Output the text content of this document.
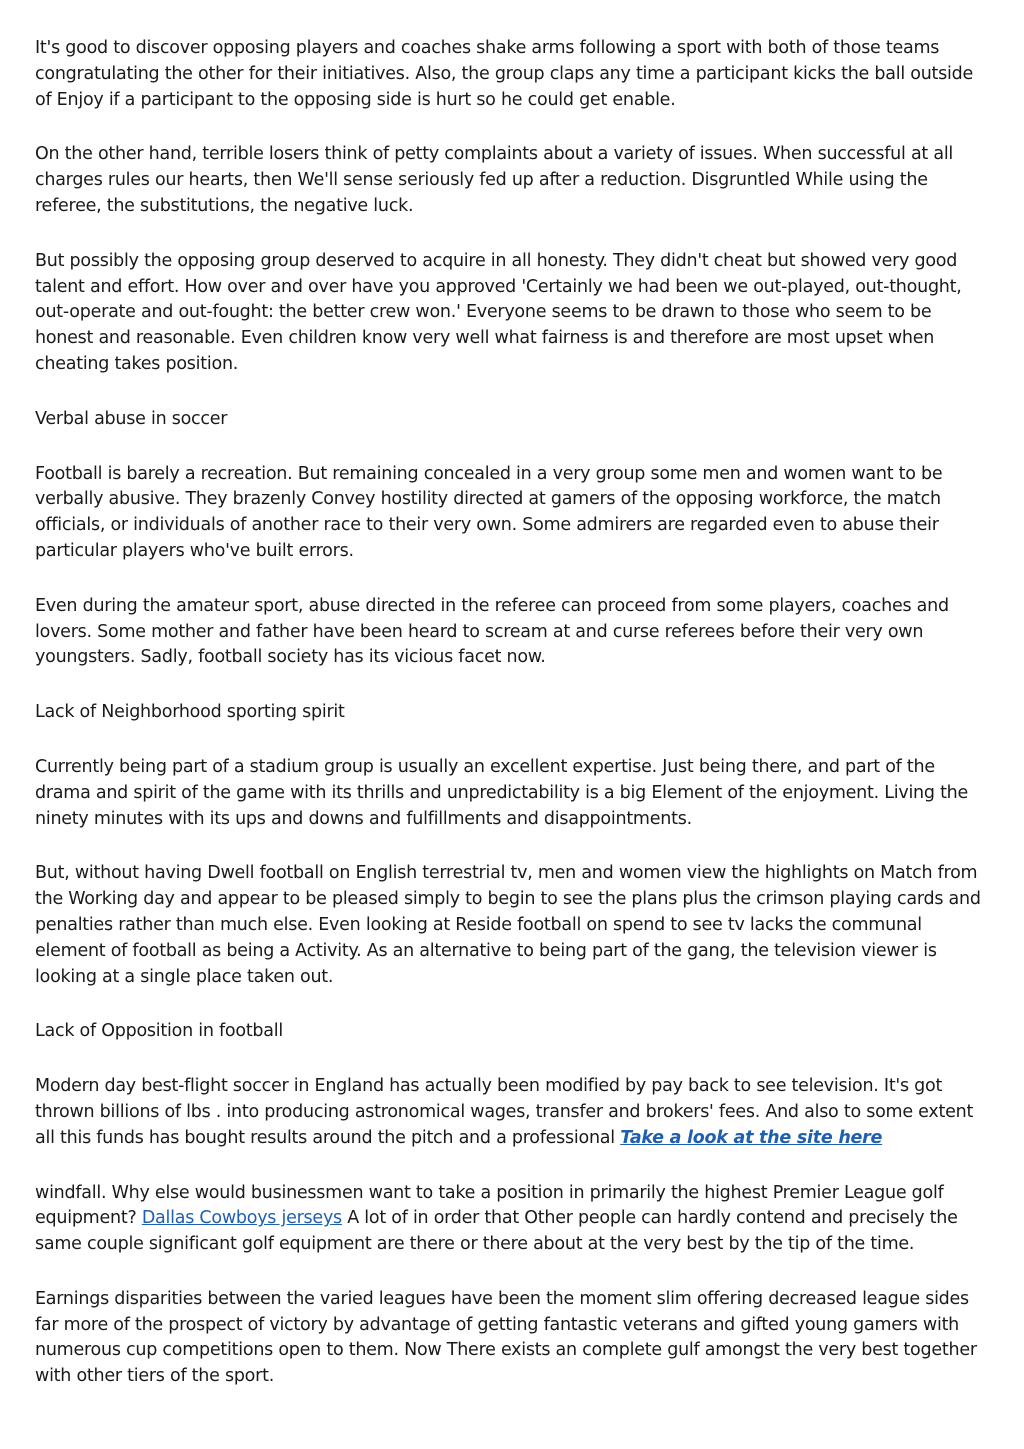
It's good to discover opposing players and coaches shake arms following a sport with both of those teams congratulating the other for their initiatives. Also, the group claps any time a participant kicks the ball outside of Enjoy if a participant to the opposing side is hurt so he could get enable.

On the other hand, terrible losers think of petty complaints about a variety of issues. When successful at all charges rules our hearts, then We'll sense seriously fed up after a reduction. Disgruntled While using the referee, the substitutions, the negative luck.

But possibly the opposing group deserved to acquire in all honesty. They didn't cheat but showed very good talent and effort. How over and over have you approved 'Certainly we had been we out-played, out-thought, out-operate and out-fought: the better crew won.' Everyone seems to be drawn to those who seem to be honest and reasonable. Even children know very well what fairness is and therefore are most upset when cheating takes position.

Verbal abuse in soccer

Football is barely a recreation. But remaining concealed in a very group some men and women want to be verbally abusive. They brazenly Convey hostility directed at gamers of the opposing workforce, the match officials, or individuals of another race to their very own. Some admirers are regarded even to abuse their particular players who've built errors.

Even during the amateur sport, abuse directed in the referee can proceed from some players, coaches and lovers. Some mother and father have been heard to scream at and curse referees before their very own youngsters. Sadly, football society has its vicious facet now.

Lack of Neighborhood sporting spirit

Currently being part of a stadium group is usually an excellent expertise. Just being there, and part of the drama and spirit of the game with its thrills and unpredictability is a big Element of the enjoyment. Living the ninety minutes with its ups and downs and fulfillments and disappointments.

But, without having Dwell football on English terrestrial tv, men and women view the highlights on Match from the Working day and appear to be pleased simply to begin to see the plans plus the crimson playing cards and penalties rather than much else. Even looking at Reside football on spend to see tv lacks the communal element of football as being a Activity. As an alternative to being part of the gang, the television viewer is looking at a single place taken out.

Lack of Opposition in football

Modern day best-flight soccer in England has actually been modified by pay back to see television. It's got thrown billions of lbs . into producing astronomical wages, transfer and brokers' fees. And also to some extent all this funds has bought results around the pitch and a professional Take a look at the site here

windfall. Why else would businessmen want to take a position in primarily the highest Premier League golf equipment? Dallas Cowboys jerseys A lot of in order that Other people can hardly contend and precisely the same couple significant golf equipment are there or there about at the very best by the tip of the time.

Earnings disparities between the varied leagues have been the moment slim offering decreased league sides far more of the prospect of victory by advantage of getting fantastic veterans and gifted young gamers with numerous cup competitions open to them. Now There exists an complete gulf amongst the very best together with other tiers of the sport.
